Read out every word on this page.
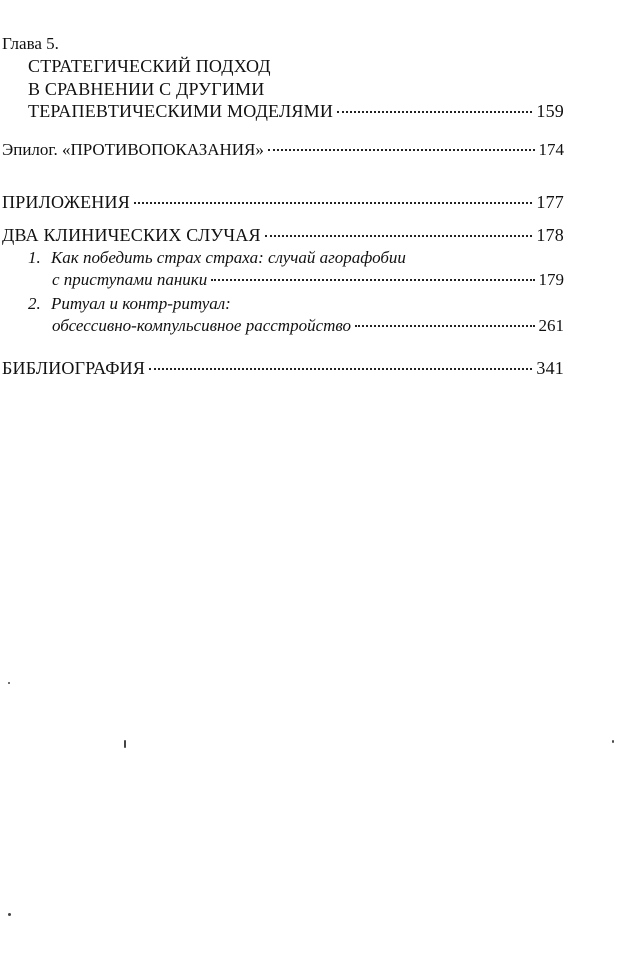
Глава 5.
СТРАТЕГИЧЕСКИЙ ПОДХОД
В СРАВНЕНИИ С ДРУГИМИ
ТЕРАПЕВТИЧЕСКИМИ МОДЕЛЯМИ	159
Эпилог. «ПРОТИВОПОКАЗАНИЯ»	174
ПРИЛОЖЕНИЯ	177
ДВА КЛИНИЧЕСКИХ СЛУЧАЯ	178
1. Как победить страх страха: случай агорафобии
с приступами паники	179
2. Ритуал и контр-ритуал:
обсессивно-компульсивное расстройство	261
БИБЛИОГРАФИЯ	341
